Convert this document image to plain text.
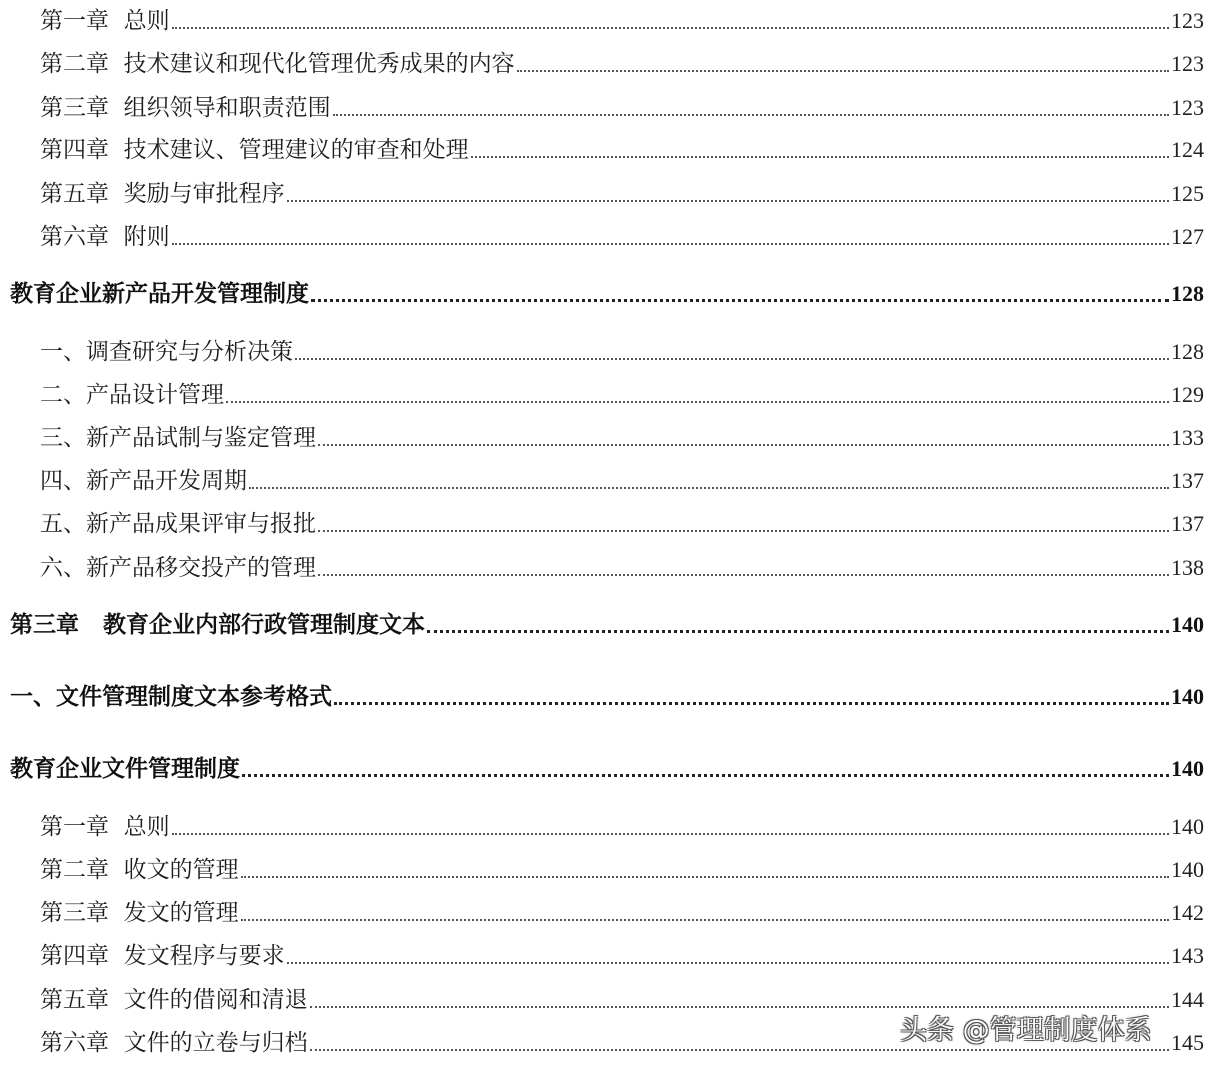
第一章  总则	123
第二章  技术建议和现代化管理优秀成果的内容	123
第三章  组织领导和职责范围	123
第四章  技术建议、管理建议的审查和处理	124
第五章  奖励与审批程序	125
第六章  附则	127
教育企业新产品开发管理制度	128
一、调查研究与分析决策	128
二、产品设计管理	129
三、新产品试制与鉴定管理	133
四、新产品开发周期	137
五、新产品成果评审与报批	137
六、新产品移交投产的管理	138
第三章   教育企业内部行政管理制度文本	140
一、文件管理制度文本参考格式	140
教育企业文件管理制度	140
第一章  总则	140
第二章  收文的管理	140
第三章  发文的管理	142
第四章  发文程序与要求	143
第五章  文件的借阅和清退	144
第六章  文件的立卷与归档	145
头条 @管理制度体系
